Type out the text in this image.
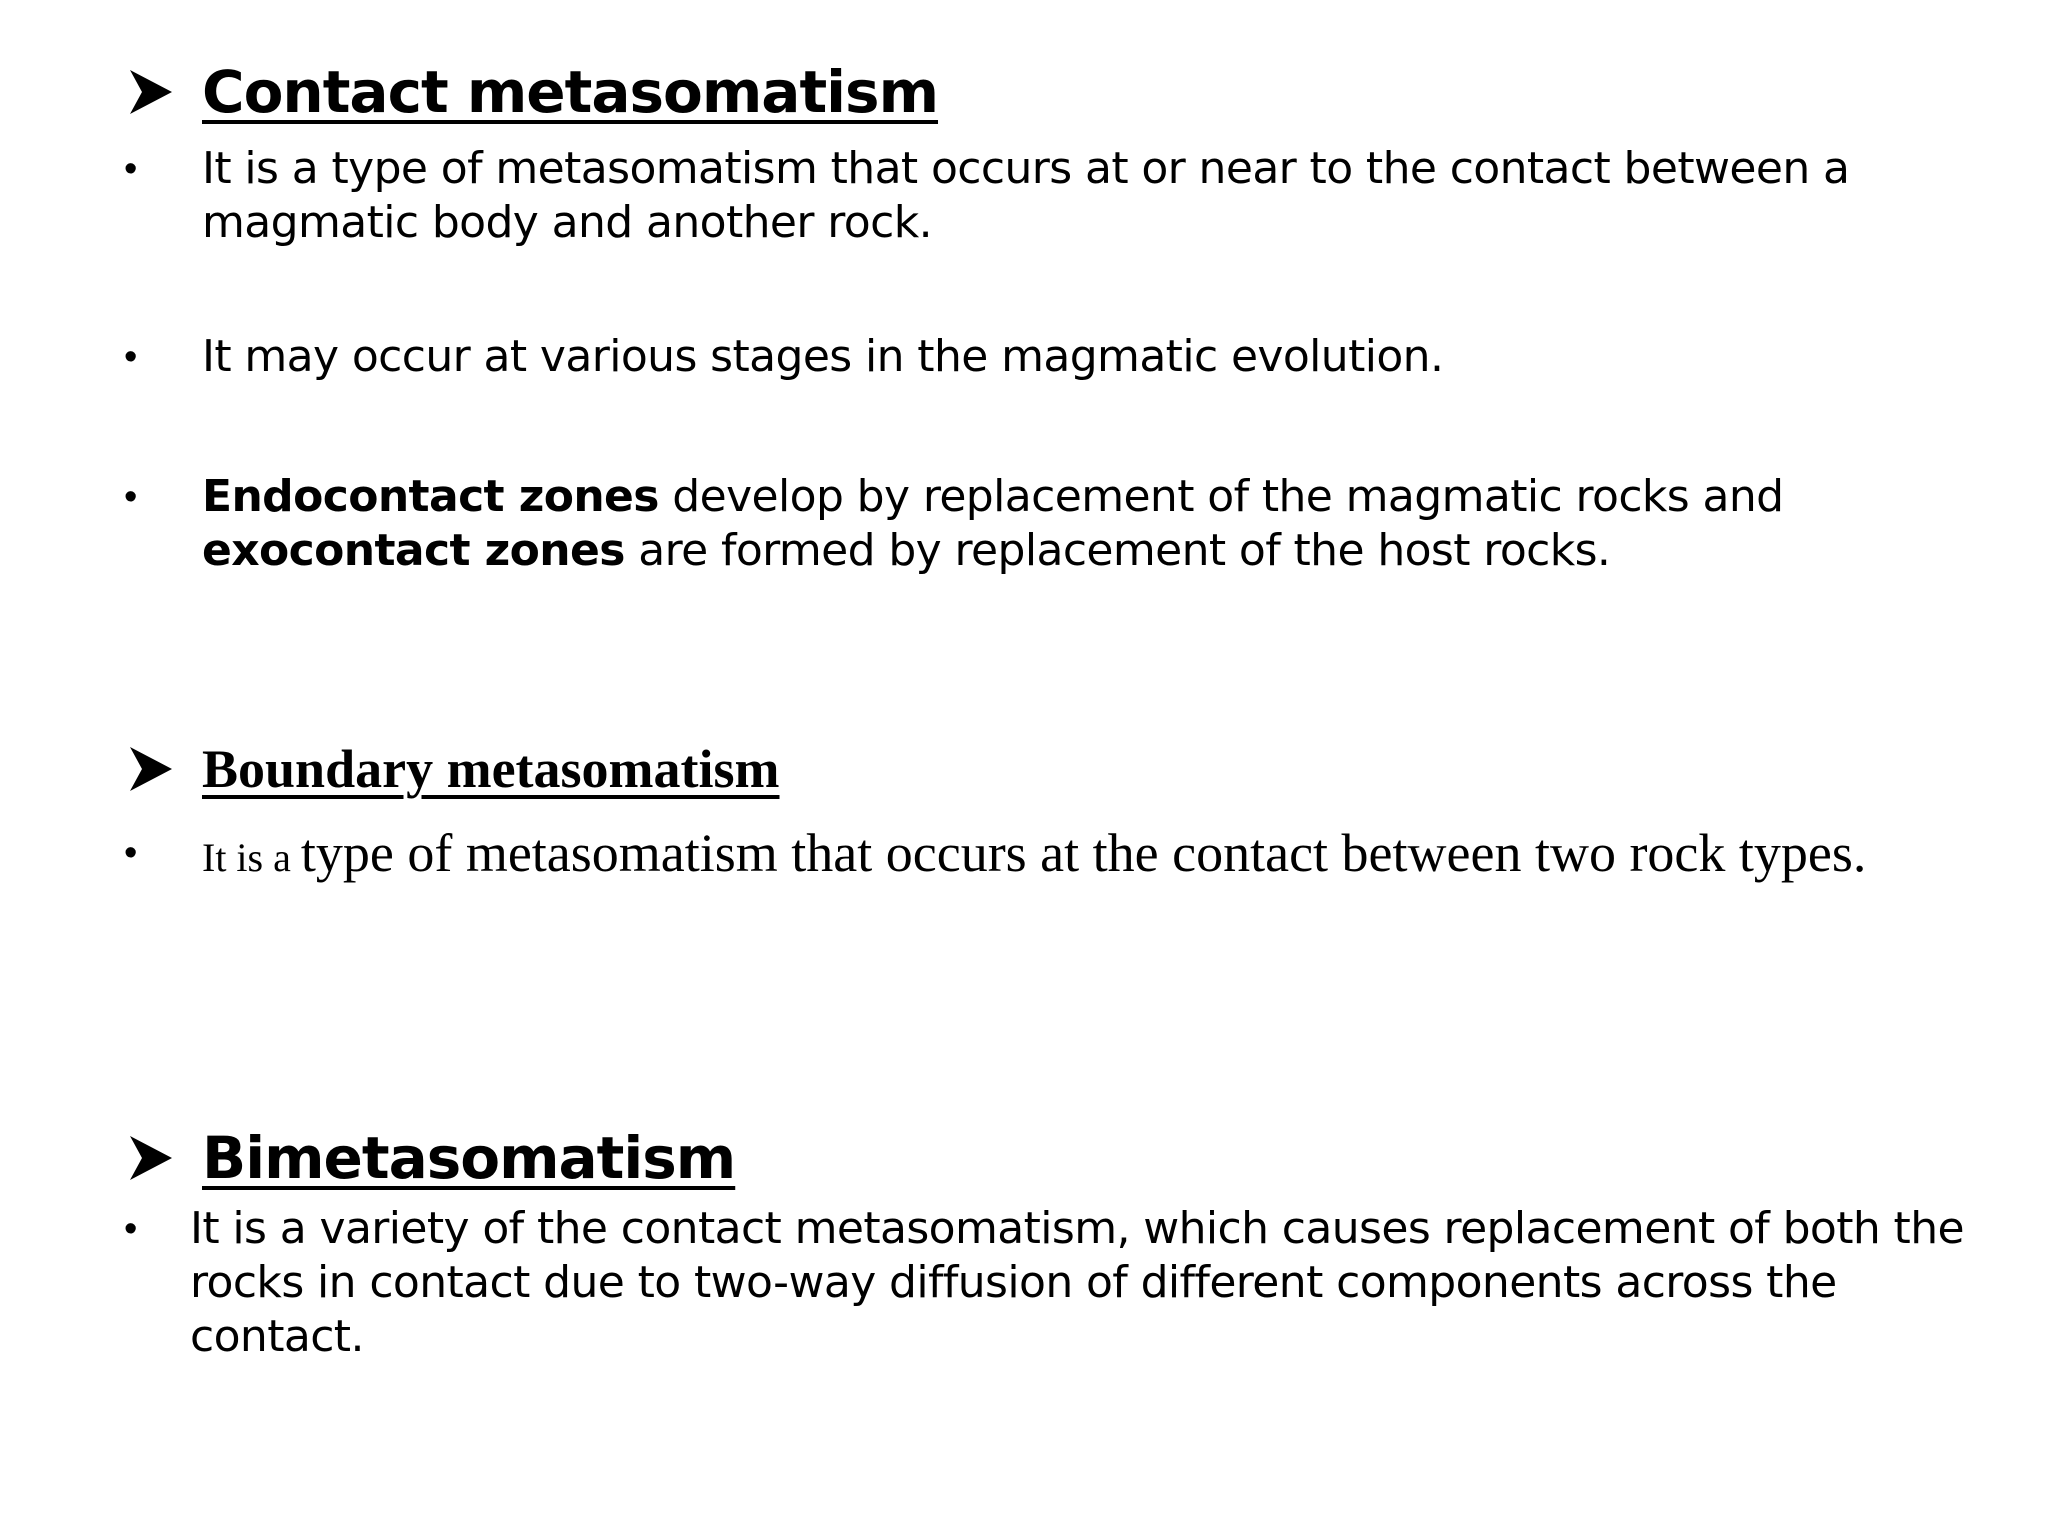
Contact metasomatism
•	It is a type of metasomatism that occurs at or near to the contact between a magmatic body and another rock.
•	It may occur at various stages in the magmatic evolution.
•	Endocontact zones develop by replacement of the magmatic rocks and exocontact zones are formed by replacement of the host rocks.
Boundary metasomatism
•	It is a type of metasomatism that occurs at the contact between two rock types.
Bimetasomatism
•	It is a variety of the contact metasomatism, which causes replacement of both the rocks in contact due to two-way diffusion of different components across the contact.
